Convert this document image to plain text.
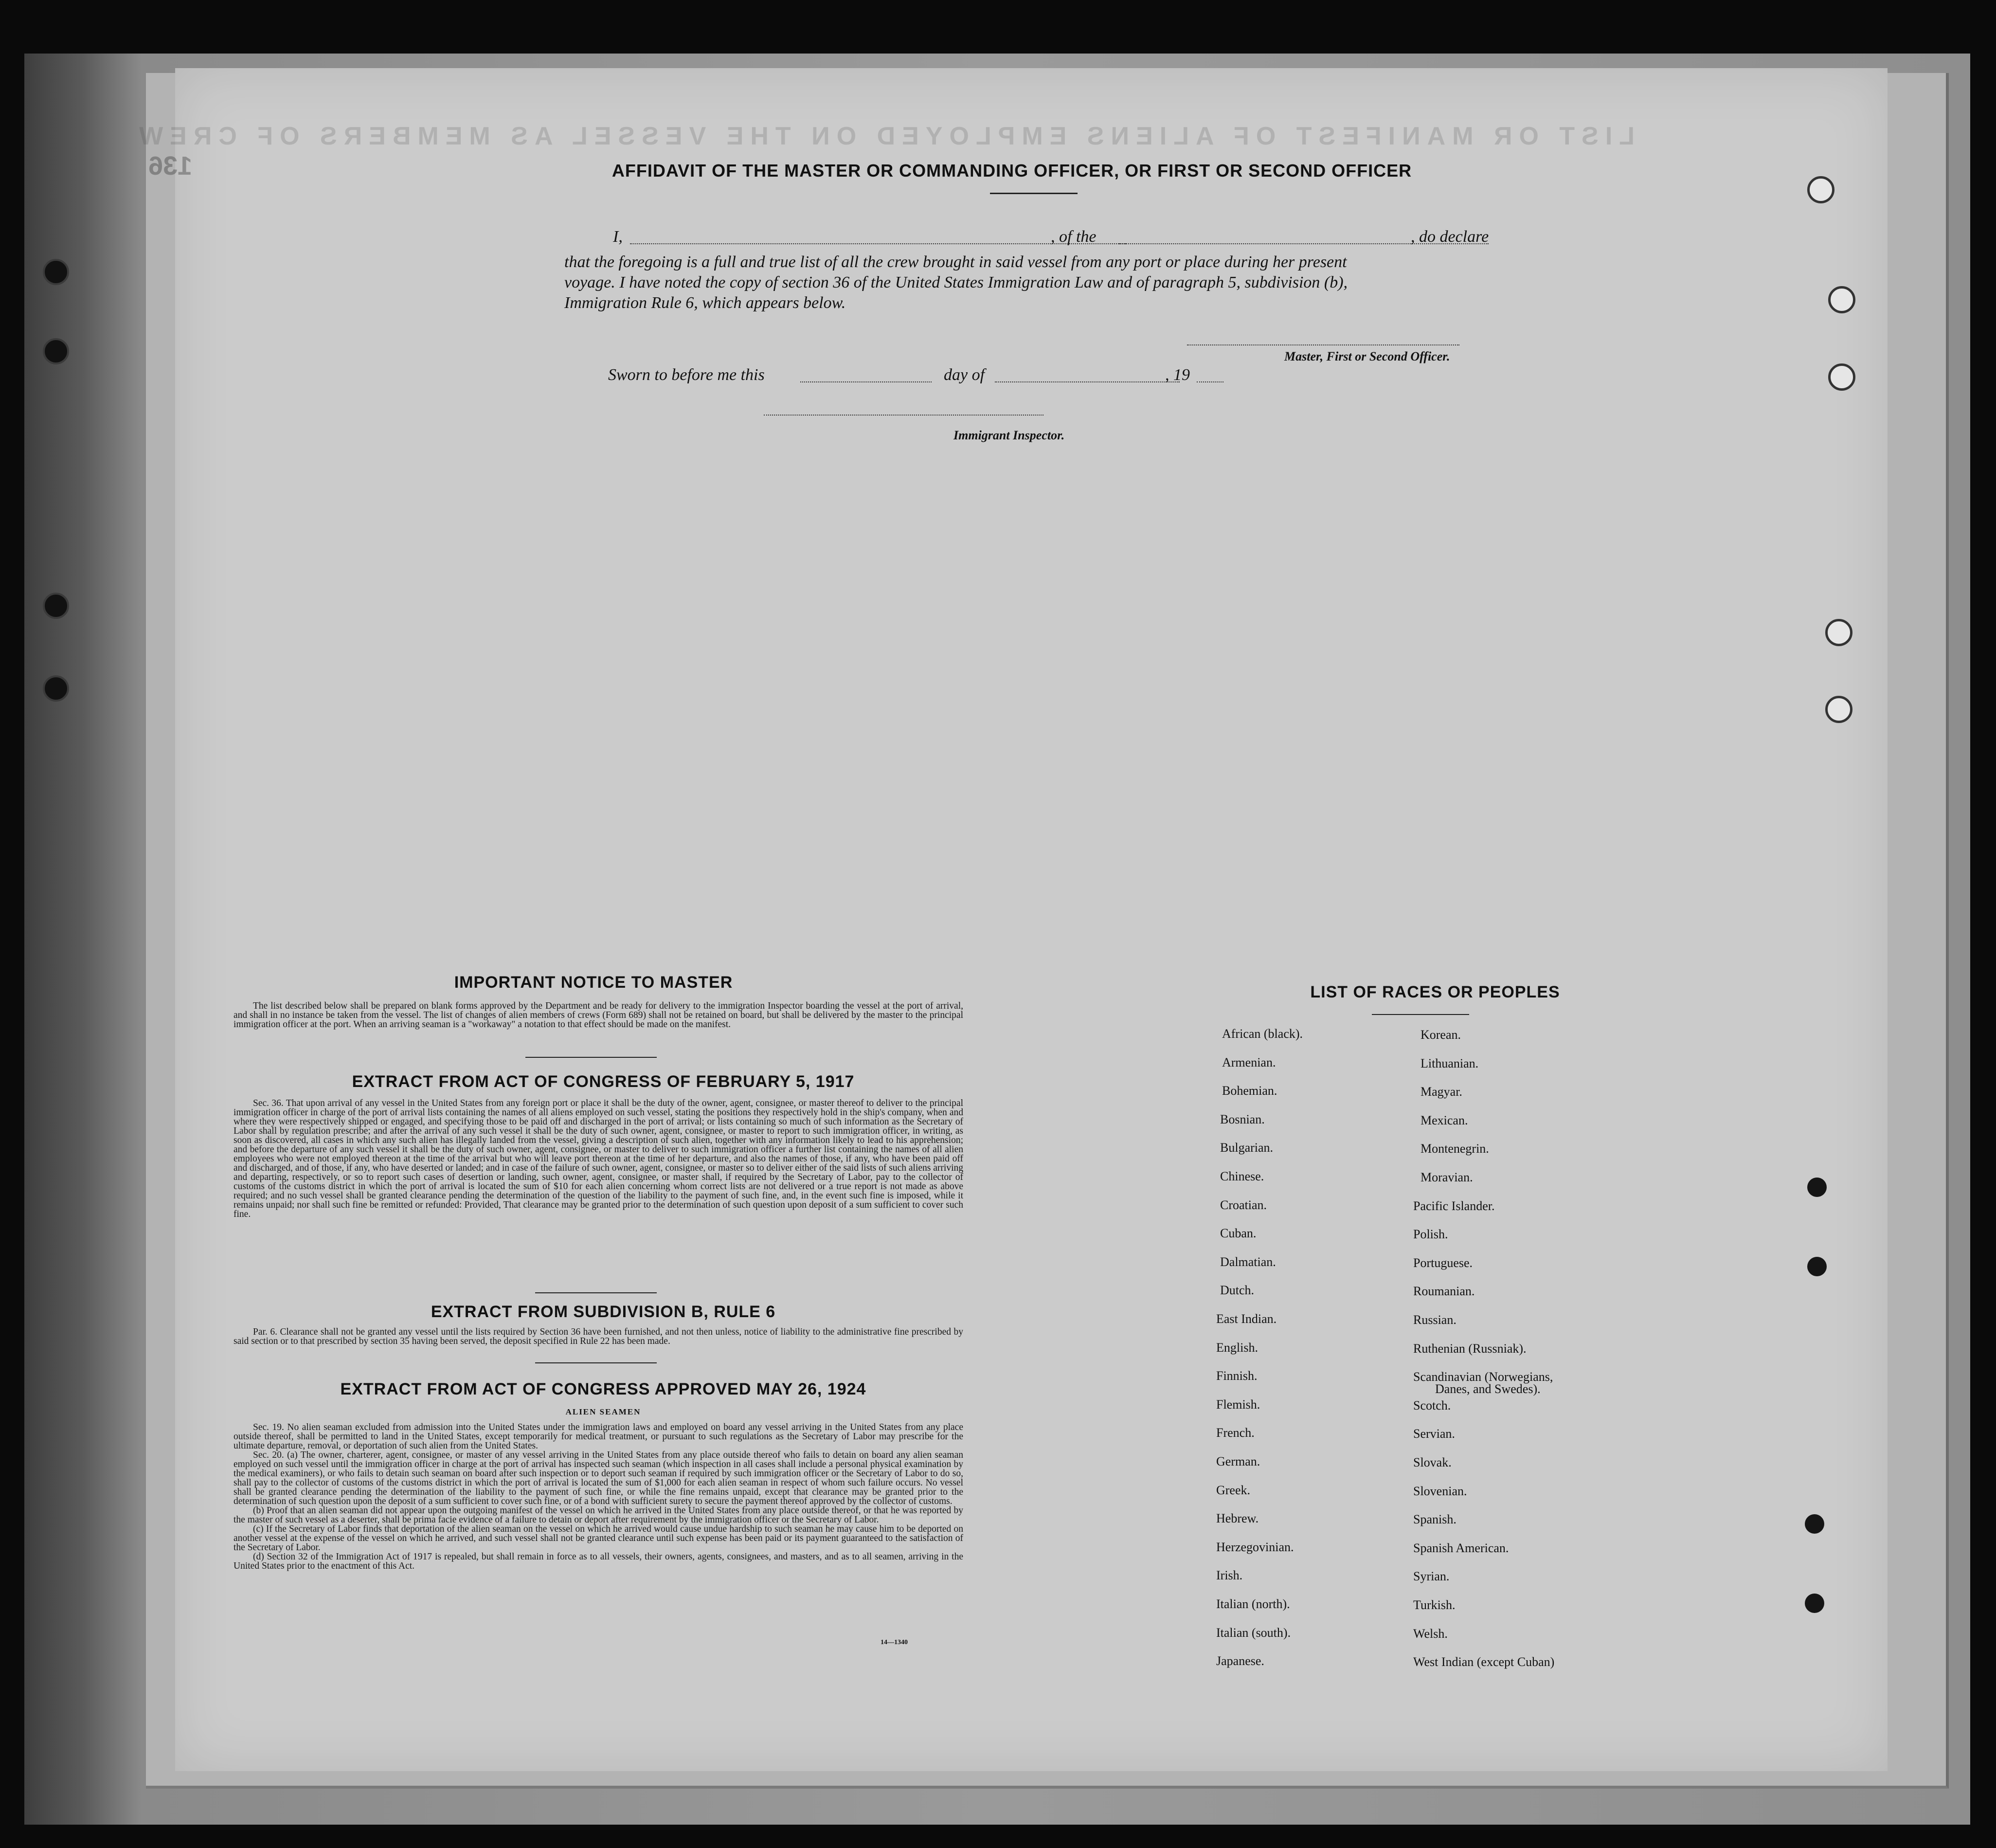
LIST OR MANIFEST OF ALIENS EMPLOYED ON THE VESSEL AS MEMBERS OF CREW
136	AFFIDAVIT OF THE MASTER OR COMMANDING OFFICER, OR FIRST OR SECOND OFFICER
I,	, of the	, do declare
that the foregoing is a full and true list of all the crew brought in said vessel from any port or place during her present
voyage. I have noted the copy of section 36 of the United States Immigration Law and of paragraph 5, subdivision (b),
Immigration Rule 6, which appears below.
Master, First or Second Officer.
Sworn to before me this	day of	, 19
Immigrant Inspector.
IMPORTANT NOTICE TO MASTER

The list described below shall be prepared on blank forms approved by the Department and be ready for delivery to the immigration Inspector boarding the vessel at the port of arrival, and shall in no instance be taken from the vessel. The list of changes of alien members of crews (Form 689) shall not be retained on board, but shall be delivered by the master to the principal immigration officer at the port. When an arriving seaman is a "workaway" a notation to that effect should be made on the manifest.

EXTRACT FROM ACT OF CONGRESS OF FEBRUARY 5, 1917

Sec. 36. That upon arrival of any vessel in the United States from any foreign port or place it shall be the duty of the owner, agent, consignee, or master thereof to deliver to the principal immigration officer in charge of the port of arrival lists containing the names of all aliens employed on such vessel, stating the positions they respectively hold in the ship's company, when and where they were respectively shipped or engaged, and specifying those to be paid off and discharged in the port of arrival; or lists containing so much of such information as the Secretary of Labor shall by regulation prescribe; and after the arrival of any such vessel it shall be the duty of such owner, agent, consignee, or master to report to such immigration officer, in writing, as soon as discovered, all cases in which any such alien has illegally landed from the vessel, giving a description of such alien, together with any information likely to lead to his apprehension; and before the departure of any such vessel it shall be the duty of such owner, agent, consignee, or master to deliver to such immigration officer a further list containing the names of all alien employees who were not employed thereon at the time of the arrival but who will leave port thereon at the time of her departure, and also the names of those, if any, who have been paid off and discharged, and of those, if any, who have deserted or landed; and in case of the failure of such owner, agent, consignee, or master so to deliver either of the said lists of such aliens arriving and departing, respectively, or so to report such cases of desertion or landing, such owner, agent, consignee, or master shall, if required by the Secretary of Labor, pay to the collector of customs of the customs district in which the port of arrival is located the sum of $10 for each alien concerning whom correct lists are not delivered or a true report is not made as above required; and no such vessel shall be granted clearance pending the determination of the question of the liability to the payment of such fine, and, in the event such fine is imposed, while it remains unpaid; nor shall such fine be remitted or refunded: Provided, That clearance may be granted prior to the determination of such question upon deposit of a sum sufficient to cover such fine.

EXTRACT FROM SUBDIVISION B, RULE 6

Par. 6. Clearance shall not be granted any vessel until the lists required by Section 36 have been furnished, and not then unless, notice of liability to the administrative fine prescribed by said section or to that prescribed by section 35 having been served, the deposit specified in Rule 22 has been made.

EXTRACT FROM ACT OF CONGRESS APPROVED MAY 26, 1924
ALIEN SEAMEN

Sec. 19. No alien seaman excluded from admission into the United States under the immigration laws and employed on board any vessel arriving in the United States from any place outside thereof, shall be permitted to land in the United States, except temporarily for medical treatment, or pursuant to such regulations as the Secretary of Labor may prescribe for the ultimate departure, removal, or deportation of such alien from the United States.

Sec. 20. (a) The owner, charterer, agent, consignee, or master of any vessel arriving in the United States from any place outside thereof who fails to detain on board any alien seaman employed on such vessel until the immigration officer in charge at the port of arrival has inspected such seaman (which inspection in all cases shall include a personal physical examination by the medical examiners), or who fails to detain such seaman on board after such inspection or to deport such seaman if required by such immigration officer or the Secretary of Labor to do so, shall pay to the collector of customs of the customs district in which the port of arrival is located the sum of $1,000 for each alien seaman in respect of whom such failure occurs. No vessel shall be granted clearance pending the determination of the liability to the payment of such fine, or while the fine remains unpaid, except that clearance may be granted prior to the determination of such question upon the deposit of a sum sufficient to cover such fine, or of a bond with sufficient surety to secure the payment thereof approved by the collector of customs.

(b) Proof that an alien seaman did not appear upon the outgoing manifest of the vessel on which he arrived in the United States from any place outside thereof, or that he was reported by the master of such vessel as a deserter, shall be prima facie evidence of a failure to detain or deport after requirement by the immigration officer or the Secretary of Labor.

(c) If the Secretary of Labor finds that deportation of the alien seaman on the vessel on which he arrived would cause undue hardship to such seaman he may cause him to be deported on another vessel at the expense of the vessel on which he arrived, and such vessel shall not be granted clearance until such expense has been paid or its payment guaranteed to the satisfaction of the Secretary of Labor.

(d) Section 32 of the Immigration Act of 1917 is repealed, but shall remain in force as to all vessels, their owners, agents, consignees, and masters, and as to all seamen, arriving in the United States prior to the enactment of this Act.

14—1340
LIST OF RACES OR PEOPLES
African (black).
Armenian.
Bohemian.
Bosnian.
Bulgarian.
Chinese.
Croatian.
Cuban.
Dalmatian.
Dutch.
East Indian.
English.
Finnish.
Flemish.
French.
German.
Greek.
Hebrew.
Herzegovinian.
Irish.
Italian (north).
Italian (south).
Japanese.
Korean.
Lithuanian.
Magyar.
Mexican.
Montenegrin.
Moravian.
Pacific Islander.
Polish.
Portuguese.
Roumanian.
Russian.
Ruthenian (Russniak).
Scandinavian (Norwegians,
Danes, and Swedes).
Scotch.
Servian.
Slovak.
Slovenian.
Spanish.
Spanish American.
Syrian.
Turkish.
Welsh.
West Indian (except Cuban)
